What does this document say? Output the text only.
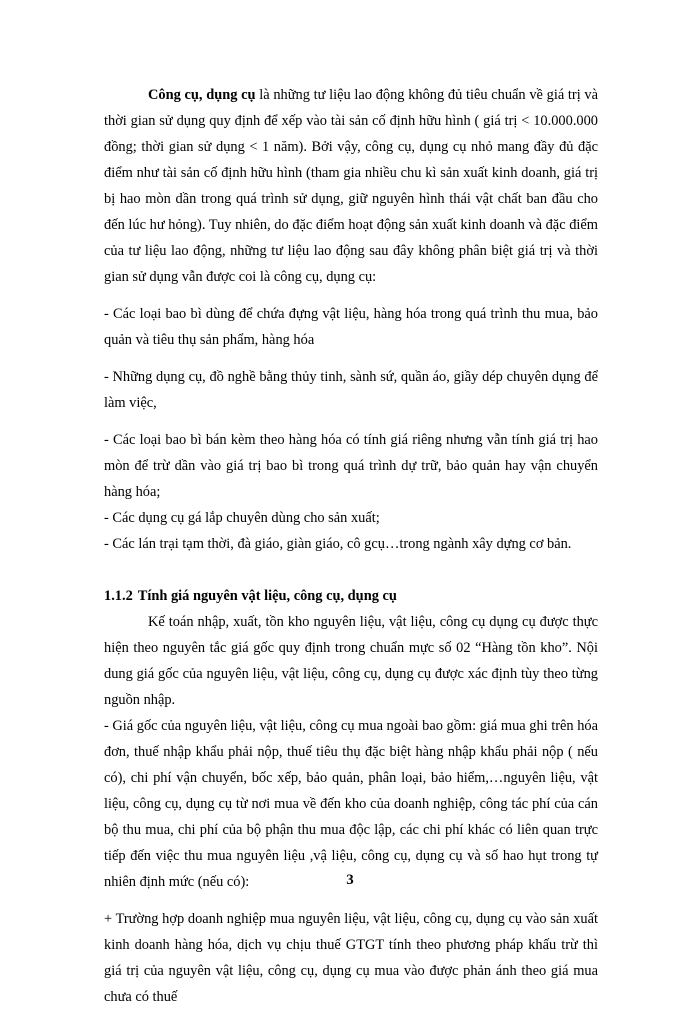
Công cụ, dụng cụ là những tư liệu lao động không đủ tiêu chuẩn về giá trị và thời gian sử dụng quy định để xếp vào tài sản cố định hữu hình ( giá trị < 10.000.000 đồng; thời gian sử dụng < 1 năm). Bởi vậy, công cụ, dụng cụ nhỏ mang đầy đủ đặc điểm như tài sản cố định hữu hình (tham gia nhiều chu kì sản xuất kinh doanh, giá trị bị hao mòn dần trong quá trình sử dụng, giữ nguyên hình thái vật chất ban đầu cho đến lúc hư hỏng). Tuy nhiên, do đặc điểm hoạt động sản xuất kinh doanh và đặc điểm của tư liệu lao động, những tư liệu lao động sau đây không phân biệt giá trị và thời gian sử dụng vẫn được coi là công cụ, dụng cụ:

- Các loại bao bì dùng để chứa đựng vật liệu, hàng hóa trong quá trình thu mua, bảo quản và tiêu thụ sản phẩm, hàng hóa

- Những dụng cụ, đồ nghề bằng thủy tinh, sành sứ, quần áo, giầy dép chuyên dụng để làm việc,

- Các loại bao bì bán kèm theo hàng hóa có tính giá riêng nhưng vẫn tính giá trị hao mòn để trừ dần vào giá trị bao bì trong quá trình dự trữ, bảo quản hay vận chuyển hàng hóa;

- Các dụng cụ gá lắp chuyên dùng cho sản xuất;

- Các lán trại tạm thời, đà giáo, giàn giáo, cô gcụ…trong ngành xây dựng cơ bản.

1.1.2 Tính giá nguyên vật liệu, công cụ, dụng cụ

Kế toán nhập, xuất, tồn kho nguyên liệu, vật liệu, công cụ dụng cụ được thực hiện theo nguyên tắc giá gốc quy định trong chuẩn mực số 02 “Hàng tồn kho”. Nội dung giá gốc của nguyên liệu, vật liệu, công cụ, dụng cụ được xác định tùy theo từng nguồn nhập.

- Giá gốc của nguyên liệu, vật liệu, công cụ mua ngoài bao gồm: giá mua ghi trên hóa đơn, thuế nhập khẩu phải nộp, thuế tiêu thụ đặc biệt hàng nhập khẩu phải nộp ( nếu có), chi phí vận chuyển, bốc xếp, bảo quản, phân loại, bảo hiểm,…nguyên liệu, vật liệu, công cụ, dụng cụ từ nơi mua về đến kho của doanh nghiệp, công tác phí của cán bộ thu mua, chi phí của bộ phận thu mua độc lập, các chi phí khác có liên quan trực tiếp đến việc thu mua nguyên liệu ,vậ liệu, công cụ, dụng cụ và số hao hụt trong tự nhiên định mức (nếu có):

+ Trường hợp doanh nghiệp mua nguyên liệu, vật liệu, công cụ, dụng cụ vào sản xuất kinh doanh hàng hóa, dịch vụ chịu thuế GTGT tính theo phương pháp khấu trừ thì giá trị của nguyên vật liệu, công cụ, dụng cụ mua vào được phản ánh theo giá mua chưa có thuế

3
